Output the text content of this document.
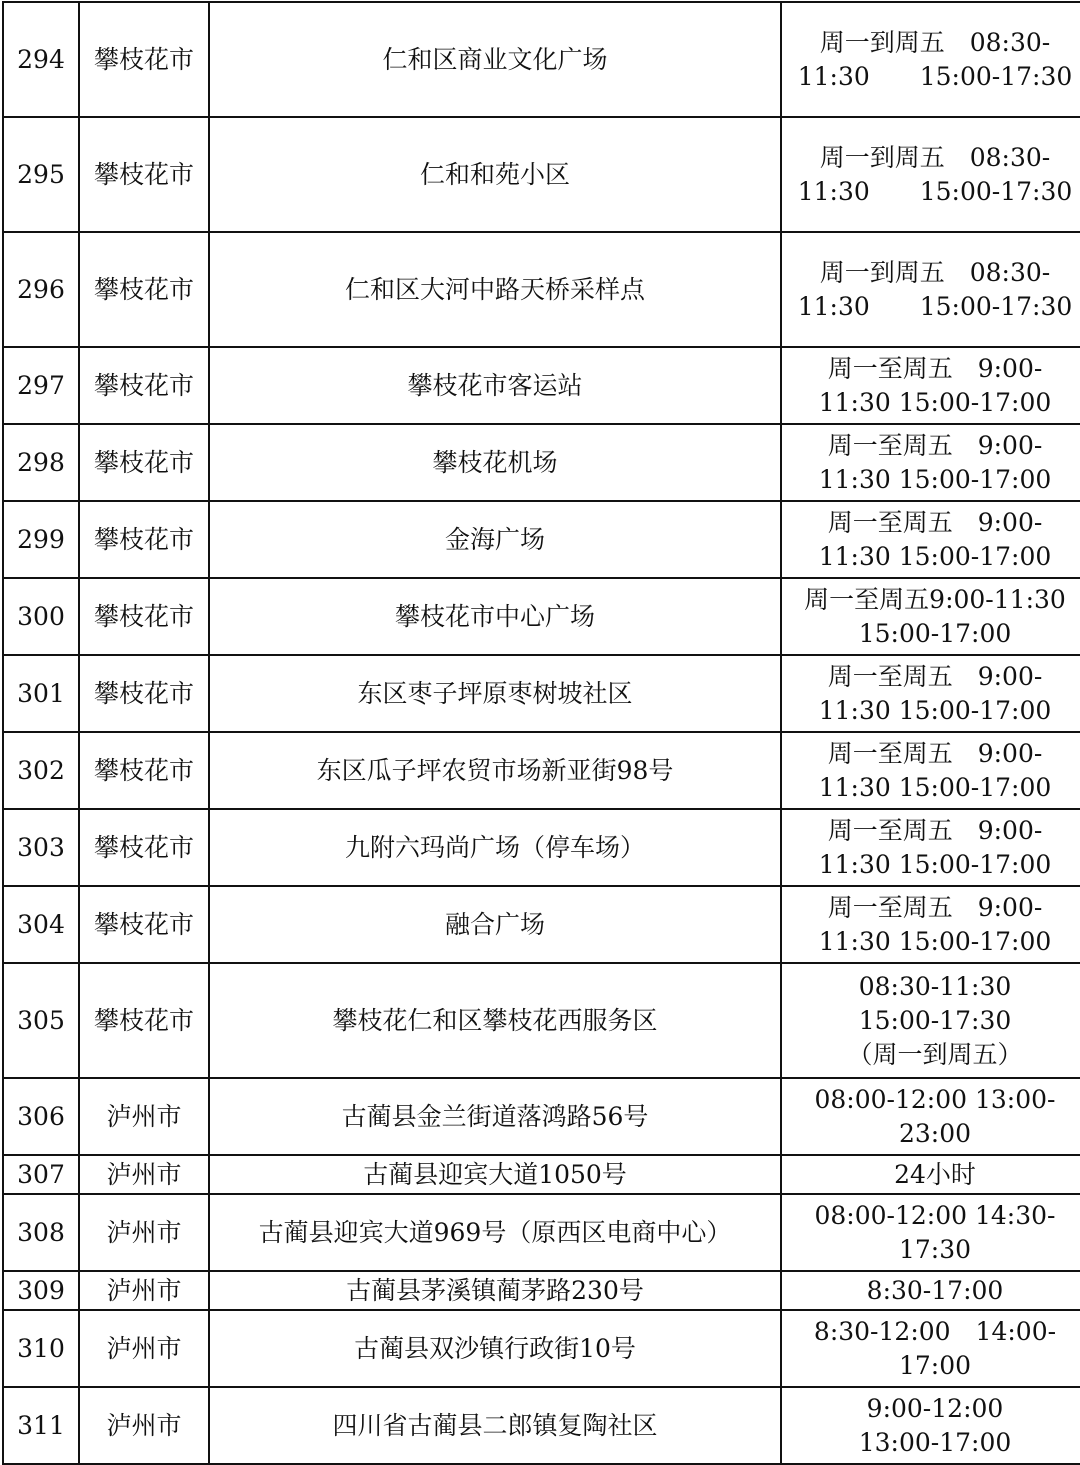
294	攀枝花市	仁和区商业文化广场	周一到周五　08:30-
11:30　　15:00-17:30

295	攀枝花市	仁和和苑小区	周一到周五　08:30-
11:30　　15:00-17:30

296	攀枝花市	仁和区大河中路天桥采样点	周一到周五　08:30-
11:30　　15:00-17:30

297	攀枝花市	攀枝花市客运站	周一至周五　9:00-
11:30 15:00-17:00

298	攀枝花市	攀枝花机场	周一至周五　9:00-
11:30 15:00-17:00

299	攀枝花市	金海广场	周一至周五　9:00-
11:30 15:00-17:00

300	攀枝花市	攀枝花市中心广场	周一至周五9:00-11:30
15:00-17:00

301	攀枝花市	东区枣子坪原枣树坡社区	周一至周五　9:00-
11:30 15:00-17:00

302	攀枝花市	东区瓜子坪农贸市场新亚街98号	周一至周五　9:00-
11:30 15:00-17:00

303	攀枝花市	九附六玛尚广场（停车场）	周一至周五　9:00-
11:30 15:00-17:00

304	攀枝花市	融合广场	周一至周五　9:00-
11:30 15:00-17:00

305	攀枝花市	攀枝花仁和区攀枝花西服务区	08:30-11:30
15:00-17:30
（周一到周五）

306	泸州市	古蔺县金兰街道落鸿路56号	08:00-12:00 13:00-
23:00

307	泸州市	古蔺县迎宾大道1050号	24小时

308	泸州市	古蔺县迎宾大道969号（原西区电商中心）	08:00-12:00 14:30-
17:30

309	泸州市	古蔺县茅溪镇蔺茅路230号	8:30-17:00

310	泸州市	古蔺县双沙镇行政街10号	8:30-12:00　14:00-
17:00

311	泸州市	四川省古蔺县二郎镇复陶社区	9:00-12:00
13:00-17:00
